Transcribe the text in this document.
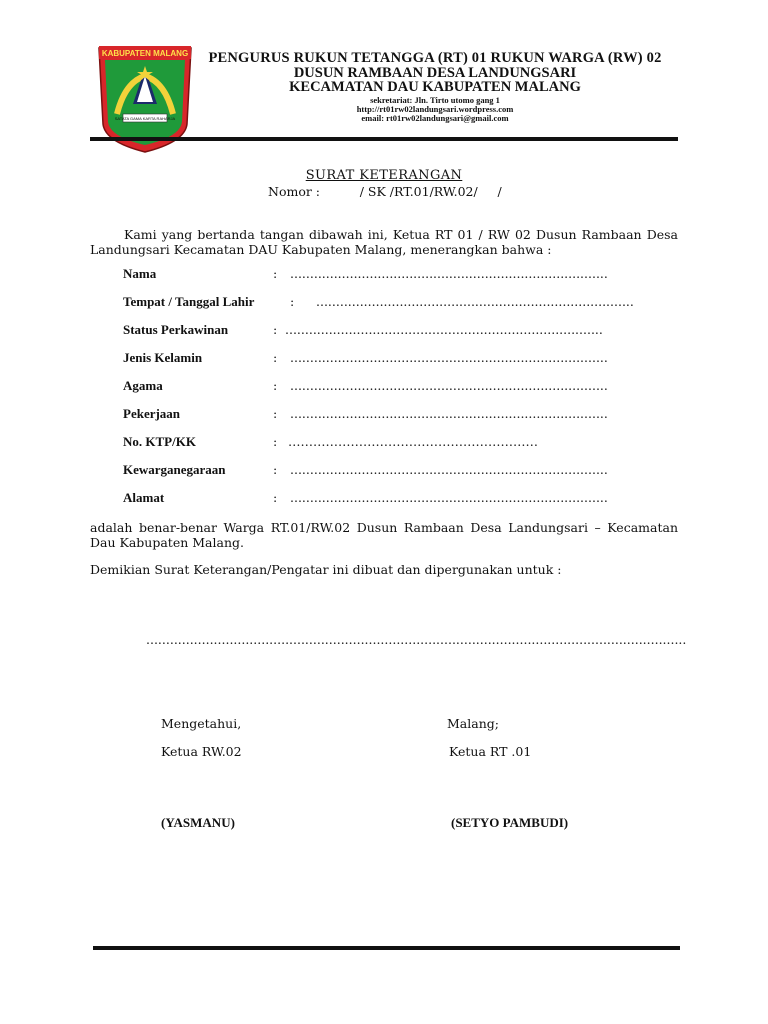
KABUPATEN MALANG
SATATA GAMA KARTA RAHARJA
PENGURUS RUKUN TETANGGA (RT) 01 RUKUN WARGA (RW) 02
DUSUN RAMBAAN DESA LANDUNGSARI
KECAMATAN DAU KABUPATEN MALANG
sekretariat: Jln. Tirto utomo gang 1
http://rt01rw02landungsari.wordpress.com
email: rt01rw02landungsari@gmail.com
SURAT KETERANGAN
Nomor :          / SK /RT.01/RW.02/     /
Kami yang bertanda tangan dibawah ini, Ketua RT 01 / RW 02 Dusun Rambaan Desa Landungsari Kecamatan DAU Kabupaten Malang, menerangkan bahwa :
Nama	: ................................................................................
Tempat / Tanggal Lahir	: ................................................................................
Status Perkawinan	: ................................................................................
Jenis Kelamin	: ................................................................................
Agama	: ................................................................................
Pekerjaan	: ................................................................................
No. KTP/KK	: ……………………………………………………
Kewarganegaraan	: ................................................................................
Alamat	: ................................................................................
adalah benar-benar Warga RT.01/RW.02 Dusun Rambaan Desa Landungsari – Kecamatan Dau Kabupaten Malang.
Demikian Surat Keterangan/Pengatar ini dibuat dan dipergunakan untuk :
........................................................................................................................................
Mengetahui,
Ketua RW.02
(YASMANU)
Malang;
Ketua RT .01
(SETYO PAMBUDI)
